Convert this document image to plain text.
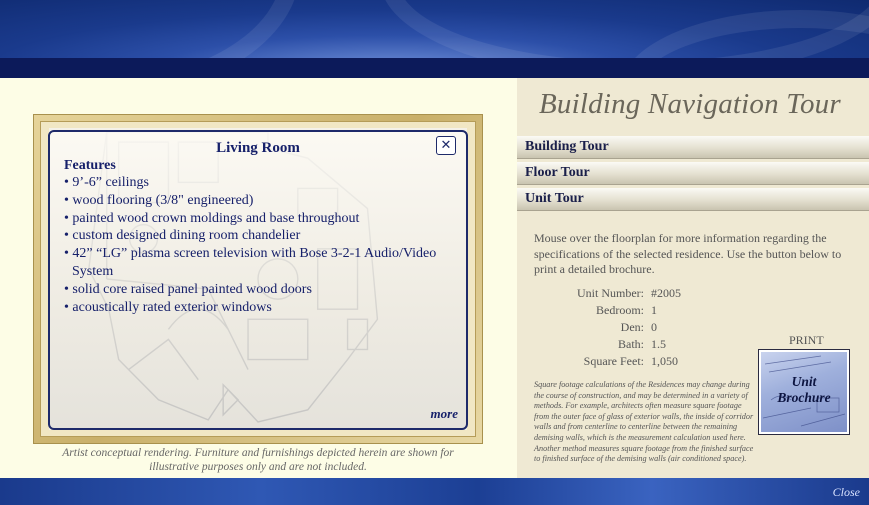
Living Room	✕
Features
• 9’-6” ceilings
• wood flooring (3/8" engineered)
• painted wood crown moldings and base throughout
• custom designed dining room chandelier
• 42” “LG” plasma screen television with Bose 3-2-1 Audio/Video System
• solid core raised panel painted wood doors
• acoustically rated exterior windows
more
Artist conceptual rendering. Furniture and furnishings depicted herein are shown for illustrative purposes only and are not included.
Building Navigation Tour
Building Tour
Floor Tour
Unit Tour
Mouse over the floorplan for more information regarding the specifications of the selected residence. Use the button below to print a detailed brochure.
Unit Number: #2005
Bedroom: 1
Den: 0
Bath: 1.5
Square Feet: 1,050
PRINT
Unit
Brochure
Square footage calculations of the Residences may change during the course of construction, and may be determined in a variety of methods. For example, architects often measure square footage from the outer face of glass of exterior walls, the inside of corridor walls and from centerline to centerline between the remaining demising walls, which is the measurement calculation used here. Another method measures square footage from the finished surface to finished surface of the demising walls (air conditioned space).
Close
